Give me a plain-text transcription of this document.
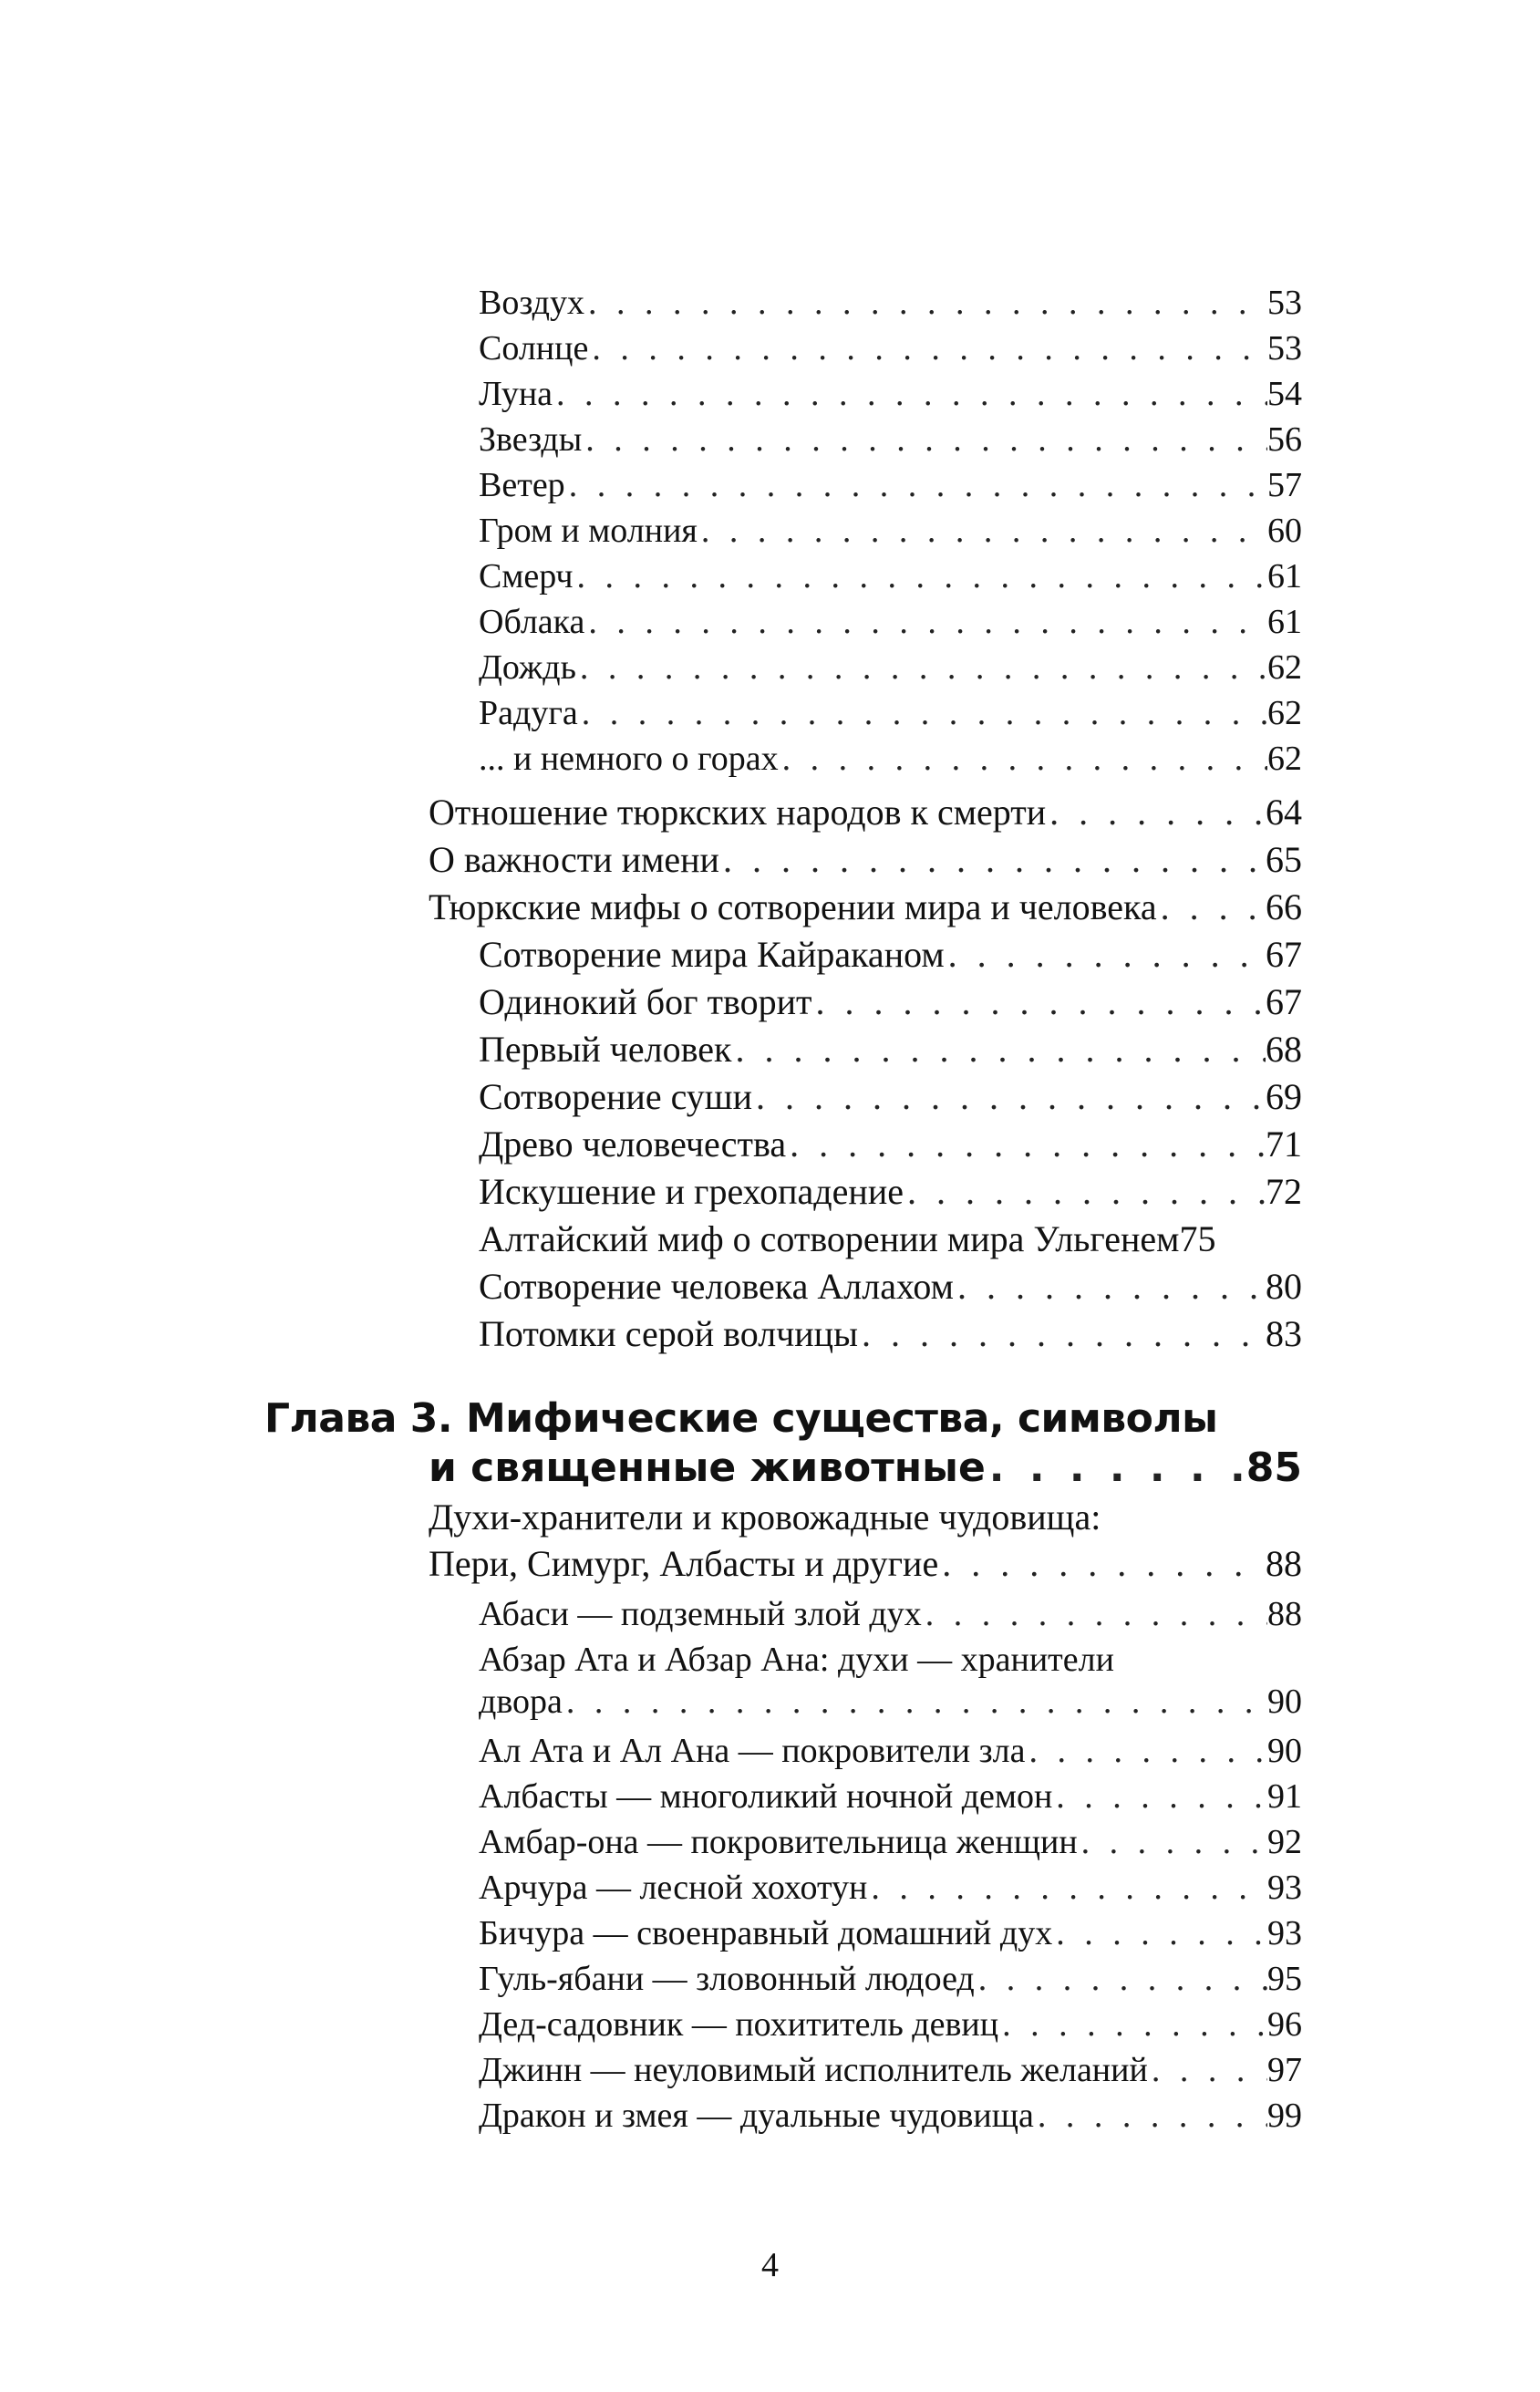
Воздух . . .	53
Солнце . . .	53
Луна . . .	54
Звезды . . .	56
Ветер . . .	57
Гром и молния . . .	60
Смерч . . .	61
Облака . . .	61
Дождь . . .	62
Радуга . . .	62
... и немного о горах . . .	62
Отношение тюркских народов к смерти . . .	64
О важности имени . . .	65
Тюркские мифы о сотворении мира и человека . . .	66
Сотворение мира Кайраканом . . .	67
Одинокий бог творит . . .	67
Первый человек . . .	68
Сотворение суши . . .	69
Древо человечества . . .	71
Искушение и грехопадение . . .	72
Алтайский миф о сотворении мира Ульгенем 75
Сотворение человека Аллахом . . .	80
Потомки серой волчицы . . .	83
Глава 3. Мифические существа, символы
и священные животные . . .	85
Духи-хранители и кровожадные чудовища:
Пери, Симург, Албасты и другие . . .	88
Абаси — подземный злой дух . . .	88
Абзар Ата и Абзар Ана: духи — хранители
двора . . .	90
Ал Ата и Ал Ана — покровители зла . . .	90
Албасты — многоликий ночной демон . . .	91
Амбар-она — покровительница женщин . . .	92
Арчура — лесной хохотун . . .	93
Бичура — своенравный домашний дух . . .	93
Гуль-ябани — зловонный людоед . . .	95
Дед-садовник — похититель девиц . . .	96
Джинн — неуловимый исполнитель желаний . . .	97
Дракон и змея — дуальные чудовища . . .	99
4
